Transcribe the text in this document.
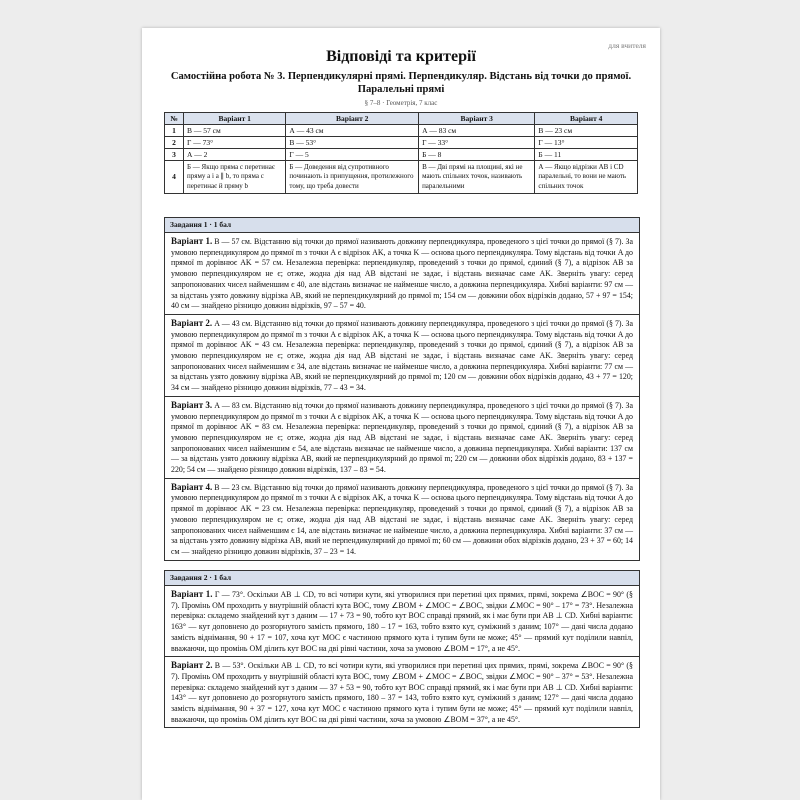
для вчителя
Відповіді та критерії
Самостійна робота № 3. Перпендикулярні прямі. Перпендикуляр. Відстань від точки до прямої. Паралельні прямі
§ 7–8 · Геометрія, 7 клас
№	Варіант 1	Варіант 2	Варіант 3	Варіант 4
1	В — 57 см	А — 43 см	А — 83 см	В — 23 см
2	Г — 73°	В — 53°	Г — 33°	Г — 13°
3	А — 2	Г — 5	Б — 8	Б — 11
4	Б — Якщо пряма c перетинає пряму a і a ∥ b, то пряма c перетинає й пряму b	Б — Доведення від супротивного починають із припущення, протилежного тому, що треба довести	В — Дві прямі на площині, які не мають спільних точок, називають паралельними	А — Якщо відрізки AB і CD паралельні, то вони не мають спільних точок
Завдання 1 · 1 бал
Варіант 1. В — 57 см. Відстанню від точки до прямої називають довжину перпендикуляра, проведеного з цієї точки до прямої (§ 7). За умовою перпендикуляром до прямої m з точки A є відрізок AK, а точка K — основа цього перпендикуляра. Тому відстань від точки A до прямої m дорівнює AK = 57 см. Незалежна перевірка: перпендикуляр, проведений з точки до прямої, єдиний (§ 7), а відрізок AB за умовою перпендикуляром не є; отже, жодна дія над AB відстані не задає, і відстань визначає саме AK. Зверніть увагу: серед запропонованих чисел найменшим є 40, але відстань визначає не найменше число, а довжина перпендикуляра. Хибні варіанти: 97 см — за відстань узято довжину відрізка AB, який не перпендикулярний до прямої m; 154 см — довжини обох відрізків додано, 57 + 97 = 154; 40 см — знайдено різницю довжин відрізків, 97 – 57 = 40.
Варіант 2. А — 43 см. Відстанню від точки до прямої називають довжину перпендикуляра, проведеного з цієї точки до прямої (§ 7). За умовою перпендикуляром до прямої m з точки A є відрізок AK, а точка K — основа цього перпендикуляра. Тому відстань від точки A до прямої m дорівнює AK = 43 см. Незалежна перевірка: перпендикуляр, проведений з точки до прямої, єдиний (§ 7), а відрізок AB за умовою перпендикуляром не є; отже, жодна дія над AB відстані не задає, і відстань визначає саме AK. Зверніть увагу: серед запропонованих чисел найменшим є 34, але відстань визначає не найменше число, а довжина перпендикуляра. Хибні варіанти: 77 см — за відстань узято довжину відрізка AB, який не перпендикулярний до прямої m; 120 см — довжини обох відрізків додано, 43 + 77 = 120; 34 см — знайдено різницю довжин відрізків, 77 – 43 = 34.
Варіант 3. А — 83 см. Відстанню від точки до прямої називають довжину перпендикуляра, проведеного з цієї точки до прямої (§ 7). За умовою перпендикуляром до прямої m з точки A є відрізок AK, а точка K — основа цього перпендикуляра. Тому відстань від точки A до прямої m дорівнює AK = 83 см. Незалежна перевірка: перпендикуляр, проведений з точки до прямої, єдиний (§ 7), а відрізок AB за умовою перпендикуляром не є; отже, жодна дія над AB відстані не задає, і відстань визначає саме AK. Зверніть увагу: серед запропонованих чисел найменшим є 54, але відстань визначає не найменше число, а довжина перпендикуляра. Хибні варіанти: 137 см — за відстань узято довжину відрізка AB, який не перпендикулярний до прямої m; 220 см — довжини обох відрізків додано, 83 + 137 = 220; 54 см — знайдено різницю довжин відрізків, 137 – 83 = 54.
Варіант 4. В — 23 см. Відстанню від точки до прямої називають довжину перпендикуляра, проведеного з цієї точки до прямої (§ 7). За умовою перпендикуляром до прямої m з точки A є відрізок AK, а точка K — основа цього перпендикуляра. Тому відстань від точки A до прямої m дорівнює AK = 23 см. Незалежна перевірка: перпендикуляр, проведений з точки до прямої, єдиний (§ 7), а відрізок AB за умовою перпендикуляром не є; отже, жодна дія над AB відстані не задає, і відстань визначає саме AK. Зверніть увагу: серед запропонованих чисел найменшим є 14, але відстань визначає не найменше число, а довжина перпендикуляра. Хибні варіанти: 37 см — за відстань узято довжину відрізка AB, який не перпендикулярний до прямої m; 60 см — довжини обох відрізків додано, 23 + 37 = 60; 14 см — знайдено різницю довжин відрізків, 37 – 23 = 14.
Завдання 2 · 1 бал
Варіант 1. Г — 73°. Оскільки AB ⊥ CD, то всі чотири кути, які утворилися при перетині цих прямих, прямі, зокрема ∠BOC = 90° (§ 7). Промінь OM проходить у внутрішній області кута BOC, тому ∠BOM + ∠MOC = ∠BOC, звідки ∠MOC = 90° – 17° = 73°. Незалежна перевірка: складемо знайдений кут з даним — 17 + 73 = 90, тобто кут BOC справді прямий, як і має бути при AB ⊥ CD. Хибні варіанти: 163° — кут доповнено до розгорнутого замість прямого, 180 – 17 = 163, тобто взято кут, суміжний з даним; 107° — дані числа додано замість віднімання, 90 + 17 = 107, хоча кут MOC є частиною прямого кута і тупим бути не може; 45° — прямий кут поділили навпіл, вважаючи, що промінь OM ділить кут BOC на дві рівні частини, хоча за умовою ∠BOM = 17°, а не 45°.
Варіант 2. В — 53°. Оскільки AB ⊥ CD, то всі чотири кути, які утворилися при перетині цих прямих, прямі, зокрема ∠BOC = 90° (§ 7). Промінь OM проходить у внутрішній області кута BOC, тому ∠BOM + ∠MOC = ∠BOC, звідки ∠MOC = 90° – 37° = 53°. Незалежна перевірка: складемо знайдений кут з даним — 37 + 53 = 90, тобто кут BOC справді прямий, як і має бути при AB ⊥ CD. Хибні варіанти: 143° — кут доповнено до розгорнутого замість прямого, 180 – 37 = 143, тобто взято кут, суміжний з даним; 127° — дані числа додано замість віднімання, 90 + 37 = 127, хоча кут MOC є частиною прямого кута і тупим бути не може; 45° — прямий кут поділили навпіл, вважаючи, що промінь OM ділить кут BOC на дві рівні частини, хоча за умовою ∠BOM = 37°, а не 45°.
